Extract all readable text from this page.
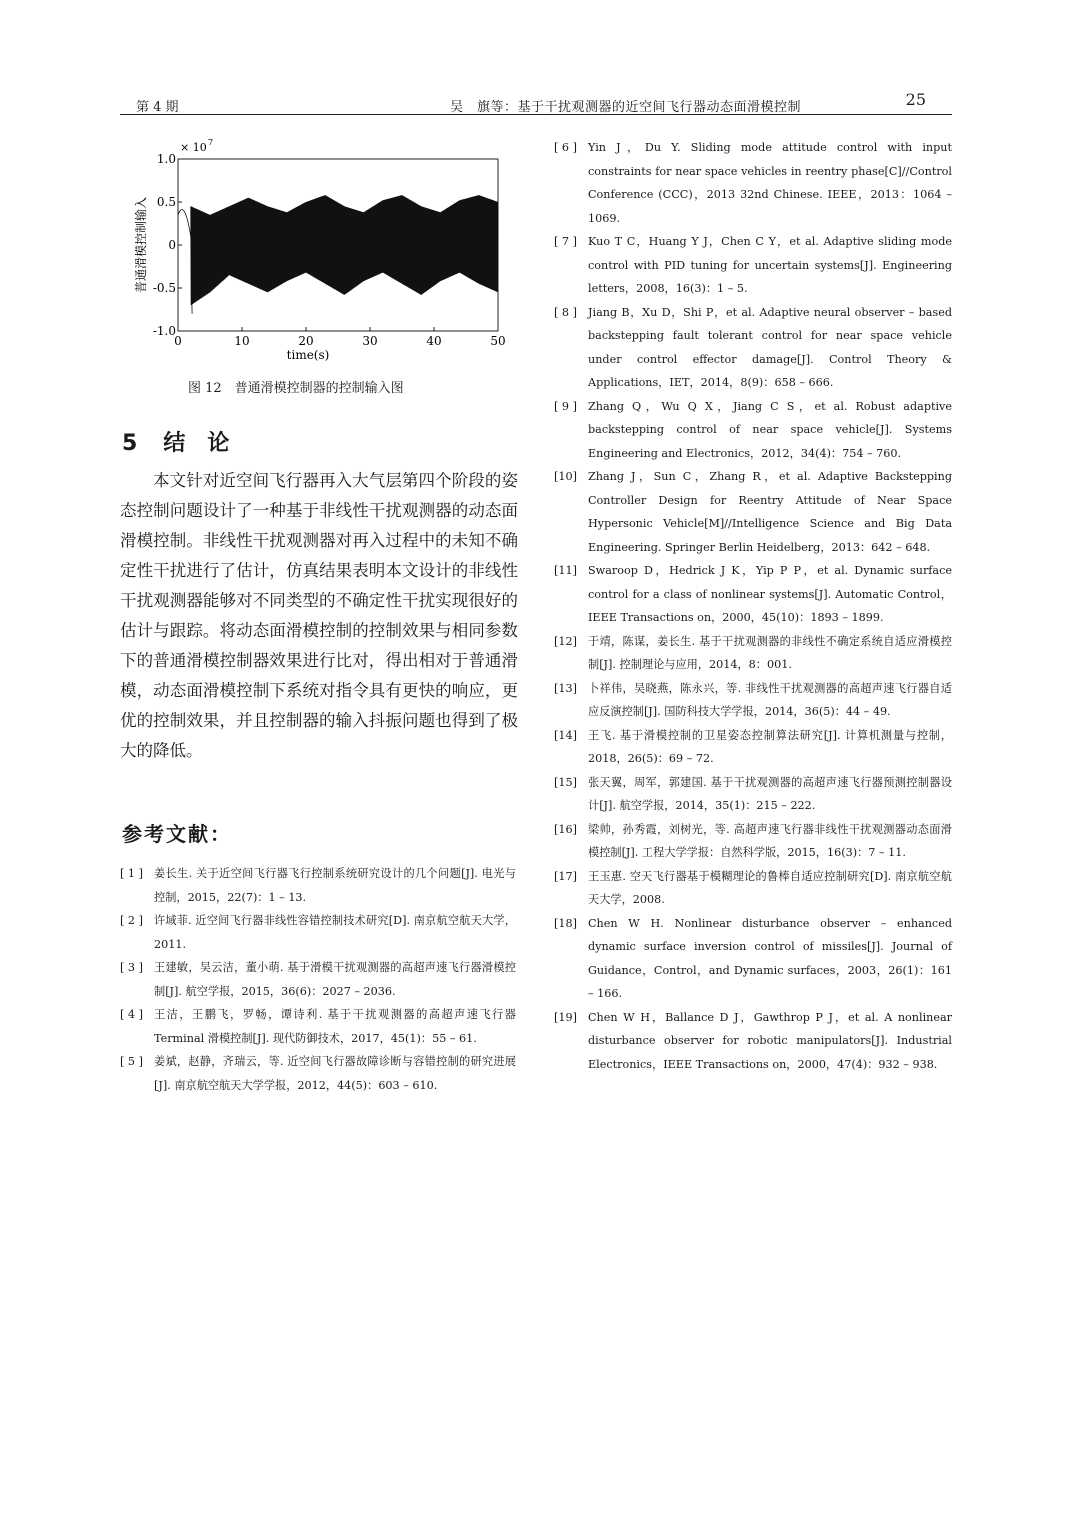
第 4 期	吴　旗等：基于干扰观测器的近空间飞行器动态面滑模控制	25
0	10	20	30	40	50
1.0
0.5
0
-0.5
-1.0
× 10 7
time(s)
普通滑模控制输入
图 12　普通滑模控制器的控制输入图
5 结论

本文针对近空间飞行器再入大气层第四个阶段的姿态控制问题设计了一种基于非线性干扰观测器的动态面滑模控制。非线性干扰观测器对再入过程中的未知不确定性干扰进行了估计，仿真结果表明本文设计的非线性干扰观测器能够对不同类型的不确定性干扰实现很好的估计与跟踪。将动态面滑模控制的控制效果与相同参数下的普通滑模控制器效果进行比对，得出相对于普通滑模，动态面滑模控制下系统对指令具有更快的响应，更优的控制效果，并且控制器的输入抖振问题也得到了极大的降低。

参考文献：
[ 1 ] 姜长生. 关于近空间飞行器飞行控制系统研究设计的几个问题[J]. 电光与控制，2015，22(7)：1 – 13.
[ 2 ] 许域菲. 近空间飞行器非线性容错控制技术研究[D]. 南京航空航天大学，2011.
[ 3 ] 王建敏，吴云洁，董小萌. 基于滑模干扰观测器的高超声速飞行器滑模控制[J]. 航空学报，2015，36(6)：2027 – 2036.
[ 4 ] 王洁，王鹏飞，罗畅，谭诗利. 基于干扰观测器的高超声速飞行器 Terminal 滑模控制[J]. 现代防御技术，2017，45(1)：55 – 61.
[ 5 ] 姜斌，赵静，齐瑞云，等. 近空间飞行器故障诊断与容错控制的研究进展[J]. 南京航空航天大学学报，2012，44(5)：603 – 610.
[ 6 ] Yin J，Du Y. Sliding mode attitude control with input constraints for near space vehicles in reentry phase[C]//Control Conference (CCC)，2013 32nd Chinese. IEEE，2013：1064 – 1069.
[ 7 ] Kuo T C，Huang Y J，Chen C Y，et al. Adaptive sliding mode control with PID tuning for uncertain systems[J]. Engineering letters，2008，16(3)：1 – 5.
[ 8 ] Jiang B，Xu D，Shi P，et al. Adaptive neural observer – based backstepping fault tolerant control for near space vehicle under control effector damage[J]. Control Theory & Applications，IET，2014，8(9)：658 – 666.
[ 9 ] Zhang Q，Wu Q X，Jiang C S，et al. Robust adaptive backstepping control of near space vehicle[J]. Systems Engineering and Electronics，2012，34(4)：754 – 760.
[10] Zhang J，Sun C，Zhang R，et al. Adaptive Backstepping Controller Design for Reentry Attitude of Near Space Hypersonic Vehicle[M]//Intelligence Science and Big Data Engineering. Springer Berlin Heidelberg，2013：642 – 648.
[11] Swaroop D，Hedrick J K，Yip P P，et al. Dynamic surface control for a class of nonlinear systems[J]. Automatic Control，IEEE Transactions on，2000，45(10)：1893 – 1899.
[12] 于靖，陈谋，姜长生. 基于干扰观测器的非线性不确定系统自适应滑模控制[J]. 控制理论与应用，2014，8：001.
[13] 卜祥伟，吴晓燕，陈永兴，等. 非线性干扰观测器的高超声速飞行器自适应反演控制[J]. 国防科技大学学报，2014，36(5)：44 – 49.
[14] 王飞. 基于滑模控制的卫星姿态控制算法研究[J]. 计算机测量与控制，2018，26(5)：69 – 72.
[15] 张天翼，周军，郭建国. 基于干扰观测器的高超声速飞行器预测控制器设计[J]. 航空学报，2014，35(1)：215 – 222.
[16] 梁帅，孙秀霞，刘树光，等. 高超声速飞行器非线性干扰观测器动态面滑模控制[J]. 工程大学学报：自然科学版，2015，16(3)：7 – 11.
[17] 王玉惠. 空天飞行器基于模糊理论的鲁棒自适应控制研究[D]. 南京航空航天大学，2008.
[18] Chen W H. Nonlinear disturbance observer – enhanced dynamic surface inversion control of missiles[J]. Journal of Guidance，Control，and Dynamic surfaces，2003，26(1)：161 – 166.
[19] Chen W H，Ballance D J，Gawthrop P J，et al. A nonlinear disturbance observer for robotic manipulators[J]. Industrial Electronics，IEEE Transactions on，2000，47(4)：932 – 938.
